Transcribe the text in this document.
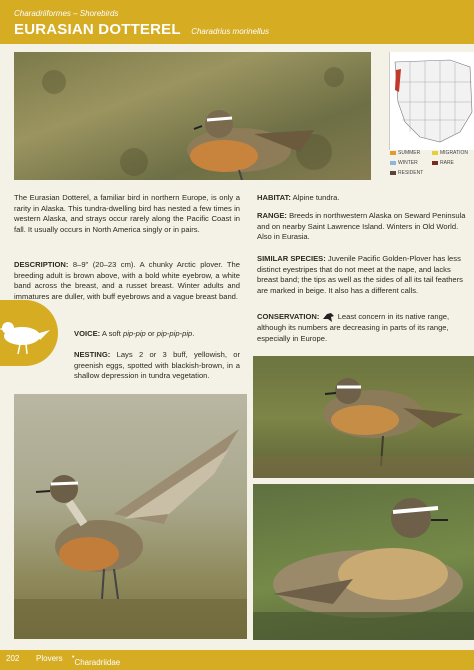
Charadriiformes – Shorebirds
EURASIAN DOTTEREL Charadrius morinellus
SUMMER	MIGRATION
WINTER	RARE
RESIDENT
The Eurasian Dotterel, a familiar bird in northern Europe, is only a rarity in Alaska. This tundra-dwelling bird has nested a few times in western Alaska, and strays occur rarely along the Pacific Coast in fall. It usually occurs in North America singly or in pairs.
DESCRIPTION: 8–9" (20–23 cm). A chunky Arctic plover. The breeding adult is brown above, with a bold white eyebrow, a white band across the breast, and a russet breast. Winter adults and immatures are duller, with buff eyebrows and a vague breast band.
VOICE: A soft pip-pip or pip-pip-pip.
NESTING: Lays 2 or 3 buff, yellowish, or greenish eggs, spotted with blackish-brown, in a shallow depression in tundra vegetation.
HABITAT: Alpine tundra.
RANGE: Breeds in northwestern Alaska on Seward Peninsula and on nearby Saint Lawrence Island. Winters in Old World. Also in Eurasia.
SIMILAR SPECIES: Juvenile Pacific Golden-Plover has less distinct eyestripes that do not meet at the nape, and lacks breast band; the tips as well as the sides of all its tail feathers are marked in beige. It also has a different calls.
CONSERVATION: Least concern in its native range, although its numbers are decreasing in parts of its range, especially in Europe.
202 Plovers •
Charadriidae
